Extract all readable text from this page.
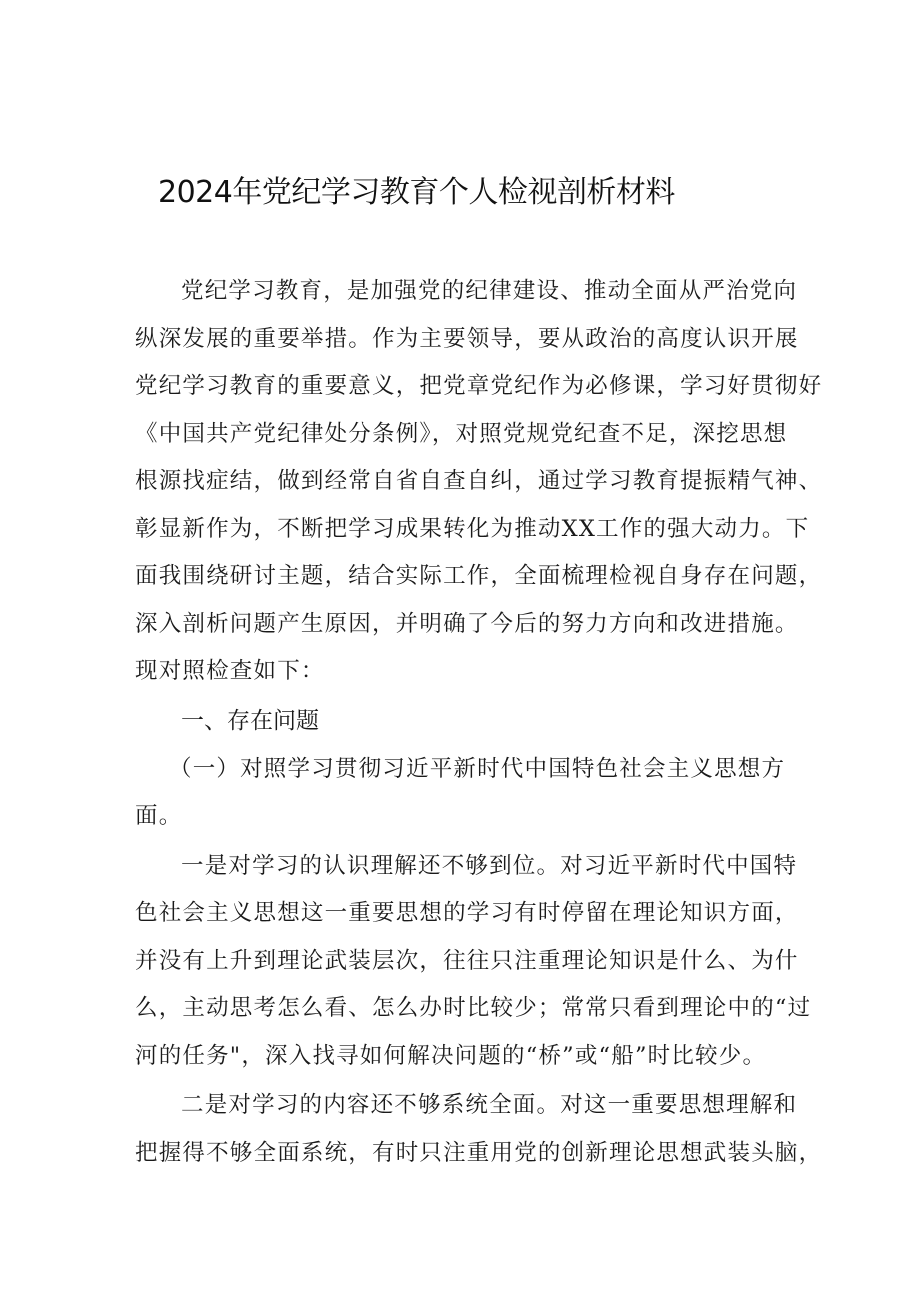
2024年党纪学习教育个人检视剖析材料
党纪学习教育，是加强党的纪律建设、推动全面从严治党向
纵深发展的重要举措。作为主要领导，要从政治的高度认识开展
党纪学习教育的重要意义，把党章党纪作为必修课，学习好贯彻好
《中国共产党纪律处分条例》，对照党规党纪查不足，深挖思想
根源找症结，做到经常自省自查自纠，通过学习教育提振精气神、
彰显新作为，不断把学习成果转化为推动XX工作的强大动力。下
面我围绕研讨主题，结合实际工作，全面梳理检视自身存在问题，
深入剖析问题产生原因，并明确了今后的努力方向和改进措施。
现对照检查如下：
一、存在问题
（一）对照学习贯彻习近平新时代中国特色社会主义思想方
面。
一是对学习的认识理解还不够到位。对习近平新时代中国特
色社会主义思想这一重要思想的学习有时停留在理论知识方面，
并没有上升到理论武装层次，往往只注重理论知识是什么、为什
么，主动思考怎么看、怎么办时比较少；常常只看到理论中的“过
河的任务"，深入找寻如何解决问题的“桥”或“船”时比较少。
二是对学习的内容还不够系统全面。对这一重要思想理解和
把握得不够全面系统，有时只注重用党的创新理论思想武装头脑，
